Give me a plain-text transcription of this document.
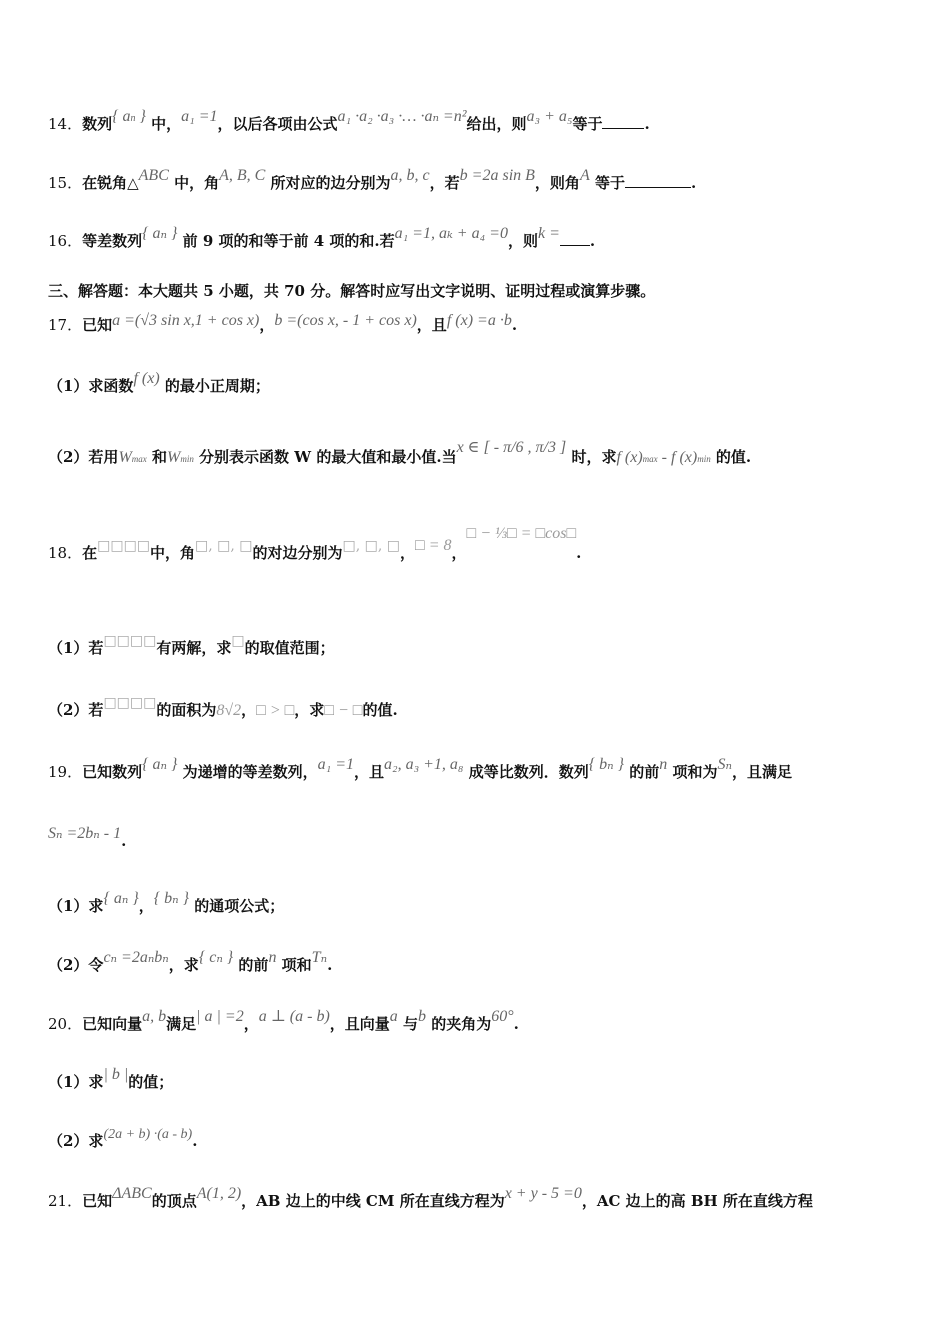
14．数列{ $a^n$ } 中，a₁ =1，以后各项由公式a₁ ·a₂ ·a₃ ·… ·aₙ =n²给出，则a₃ + a₅等于	.
15．在锐角△ABC 中，角A, B, C 所对应的边分别为a, b, c，若b =2a sin B，则角A 等于	.
16．等差数列{ aₙ } 前 9 项的和等于前 4 项的和.若a₁ =1, aₖ + a₄ =0，则k = .
三、解答题：本大题共 5 小题，共 70 分。解答时应写出文字说明、证明过程或演算步骤。
17．已知a =(√3 sin x,1 + cos x)，b =(cos x, - 1 + cos x)，且f (x) =a ·b.
（1）求函数f (x) 的最小正周期；
（2）若用Wmax 和Wmin 分别表示函数 W 的最大值和最小值.当x ∈ [ - π/6 , π/3 ] 时，求f (x)max - f (x)min 的值.
18．在□□□□中，角□, □, □的对边分别为□, □, □，□ = 8，□ − ⅓□ = □cos□.
（1）若□□□□有两解，求□的取值范围；
（2）若□□□□的面积为8√2，□ > □，求□ − □的值.
19．已知数列{ aₙ } 为递增的等差数列，a₁ =1，且a₂, a₃ +1, a₈ 成等比数列．数列{ bₙ } 的前n 项和为Sₙ，且满足
Sₙ =2bₙ - 1.
（1）求{ aₙ }，{ bₙ } 的通项公式；
（2）令cₙ =2aₙbₙ，求{ cₙ } 的前n 项和Tₙ.
20．已知向量a, b满足| a | =2，a ⊥ (a - b)，且向量a 与b 的夹角为60°.
（1）求| b |的值；
（2）求(2a + b) ·(a - b).
21．已知ΔABC的顶点A(1, 2)，AB 边上的中线 CM 所在直线方程为x + y - 5 =0，AC 边上的高 BH 所在直线方程
